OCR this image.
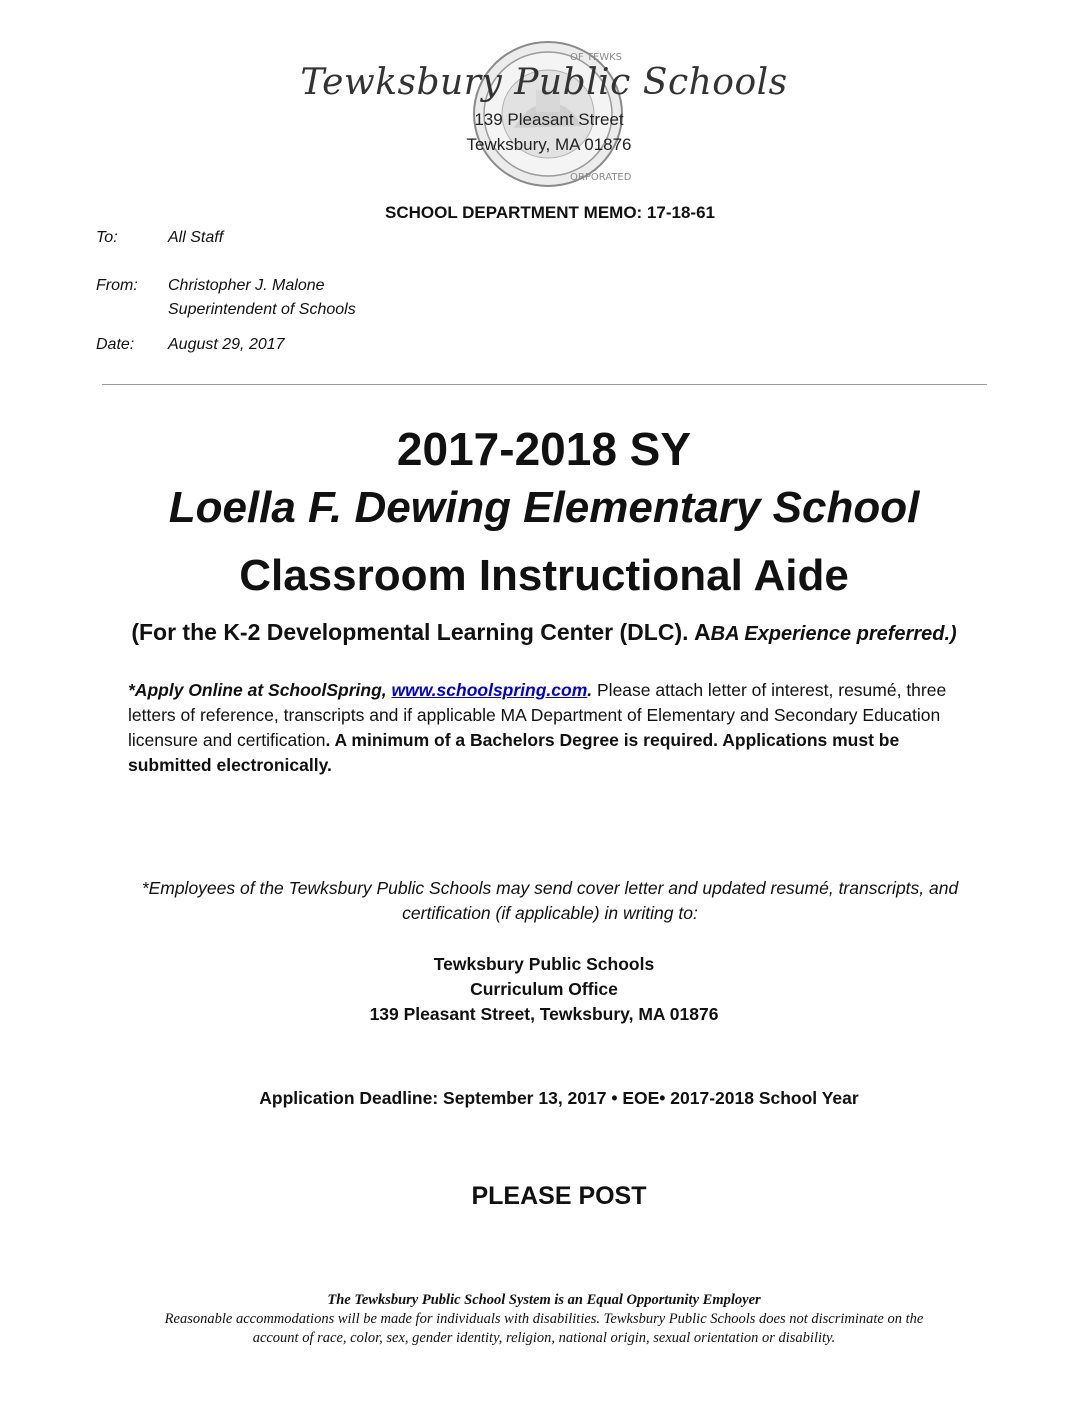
OF TEWKS
ORPORATED
Tewksbury Public Schools
139 Pleasant Street
Tewksbury, MA 01876
SCHOOL DEPARTMENT MEMO: 17-18-61
To:	All Staff
From: Christopher J. Malone
Superintendent of Schools
Date: August 29, 2017
2017-2018 SY
Loella F. Dewing Elementary School
Classroom Instructional Aide
(For the K-2 Developmental Learning Center (DLC). ABA Experience preferred.)
*Apply Online at SchoolSpring, www.schoolspring.com. Please attach letter of interest, resumé, three letters of reference, transcripts and if applicable MA Department of Elementary and Secondary Education licensure and certification. A minimum of a Bachelors Degree is required. Applications must be submitted electronically.
*Employees of the Tewksbury Public Schools may send cover letter and updated resumé, transcripts, and
certification (if applicable) in writing to:
Tewksbury Public Schools
Curriculum Office
139 Pleasant Street, Tewksbury, MA 01876
Application Deadline: September 13, 2017 • EOE• 2017-2018 School Year
PLEASE POST
The Tewksbury Public School System is an Equal Opportunity Employer
Reasonable accommodations will be made for individuals with disabilities. Tewksbury Public Schools does not discriminate on the
account of race, color, sex, gender identity, religion, national origin, sexual orientation or disability.
